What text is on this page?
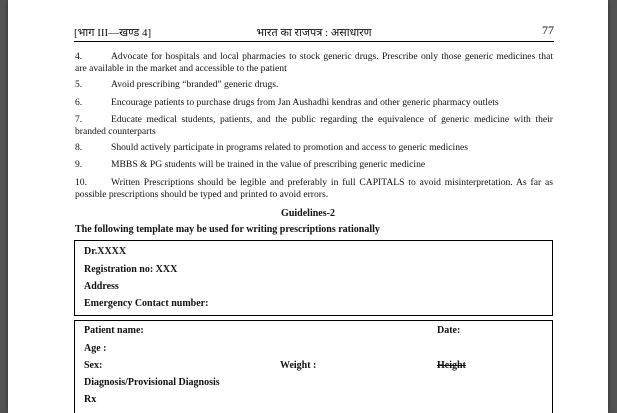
[भाग III—खण्ड 4]	भारत का राजपत्र : असाधारण	77
4.	Advocate for hospitals and local pharmacies to stock generic drugs. Prescribe only those generic medicines that are available in the market and accessible to the patient
5.	Avoid prescribing “branded” generic drugs.
6.	Encourage patients to purchase drugs from Jan Aushadhi kendras and other generic pharmacy outlets
7.	Educate medical students, patients, and the public regarding the equivalence of generic medicine with their branded counterparts
8.	Should actively participate in programs related to promotion and access to generic medicines
9.	MBBS & PG students will be trained in the value of prescribing generic medicine
10.	Written Prescriptions should be legible and preferably in full CAPITALS to avoid misinterpretation. As far as possible prescriptions should be typed and printed to avoid errors.
Guidelines-2
The following template may be used for writing prescriptions rationally
Dr.XXXX
Registration no: XXX
Address
Emergency Contact number:
Patient name:	Date:
Age :
Sex:	Weight :	Height
Diagnosis/Provisional Diagnosis
Rx
